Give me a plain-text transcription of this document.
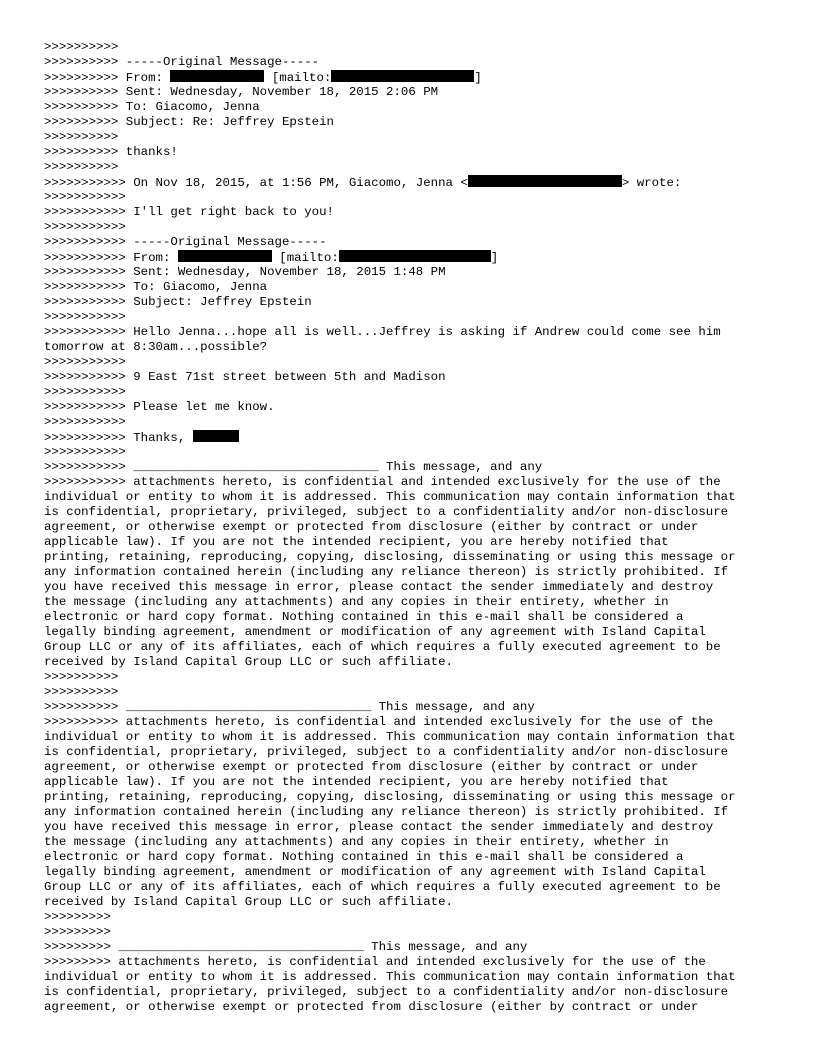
>>>>>>>>>>
>>>>>>>>>> -----Original Message-----
>>>>>>>>>> From:	[mailto:	]
>>>>>>>>>> Sent: Wednesday, November 18, 2015 2:06 PM
>>>>>>>>>> To: Giacomo, Jenna
>>>>>>>>>> Subject: Re: Jeffrey Epstein
>>>>>>>>>>
>>>>>>>>>> thanks!
>>>>>>>>>>
>>>>>>>>>>> On Nov 18, 2015, at 1:56 PM, Giacomo, Jenna <	> wrote:
>>>>>>>>>>>
>>>>>>>>>>> I'll get right back to you!
>>>>>>>>>>>
>>>>>>>>>>> -----Original Message-----
>>>>>>>>>>> From:	[mailto:	]
>>>>>>>>>>> Sent: Wednesday, November 18, 2015 1:48 PM
>>>>>>>>>>> To: Giacomo, Jenna
>>>>>>>>>>> Subject: Jeffrey Epstein
>>>>>>>>>>>
>>>>>>>>>>> Hello Jenna...hope all is well...Jeffrey is asking if Andrew could come see him
tomorrow at 8:30am...possible?
>>>>>>>>>>>
>>>>>>>>>>> 9 East 71st street between 5th and Madison
>>>>>>>>>>>
>>>>>>>>>>> Please let me know.
>>>>>>>>>>>
>>>>>>>>>>> Thanks,
>>>>>>>>>>>
>>>>>>>>>>> _________________________________ This message, and any
>>>>>>>>>>> attachments hereto, is confidential and intended exclusively for the use of the
individual or entity to whom it is addressed. This communication may contain information that
is confidential, proprietary, privileged, subject to a confidentiality and/or non-disclosure
agreement, or otherwise exempt or protected from disclosure (either by contract or under
applicable law). If you are not the intended recipient, you are hereby notified that
printing, retaining, reproducing, copying, disclosing, disseminating or using this message or
any information contained herein (including any reliance thereon) is strictly prohibited. If
you have received this message in error, please contact the sender immediately and destroy
the message (including any attachments) and any copies in their entirety, whether in
electronic or hard copy format. Nothing contained in this e-mail shall be considered a
legally binding agreement, amendment or modification of any agreement with Island Capital
Group LLC or any of its affiliates, each of which requires a fully executed agreement to be
received by Island Capital Group LLC or such affiliate.
>>>>>>>>>>
>>>>>>>>>>
>>>>>>>>>> _________________________________ This message, and any
>>>>>>>>>> attachments hereto, is confidential and intended exclusively for the use of the
individual or entity to whom it is addressed. This communication may contain information that
is confidential, proprietary, privileged, subject to a confidentiality and/or non-disclosure
agreement, or otherwise exempt or protected from disclosure (either by contract or under
applicable law). If you are not the intended recipient, you are hereby notified that
printing, retaining, reproducing, copying, disclosing, disseminating or using this message or
any information contained herein (including any reliance thereon) is strictly prohibited. If
you have received this message in error, please contact the sender immediately and destroy
the message (including any attachments) and any copies in their entirety, whether in
electronic or hard copy format. Nothing contained in this e-mail shall be considered a
legally binding agreement, amendment or modification of any agreement with Island Capital
Group LLC or any of its affiliates, each of which requires a fully executed agreement to be
received by Island Capital Group LLC or such affiliate.
>>>>>>>>>
>>>>>>>>>
>>>>>>>>> _________________________________ This message, and any
>>>>>>>>> attachments hereto, is confidential and intended exclusively for the use of the
individual or entity to whom it is addressed. This communication may contain information that
is confidential, proprietary, privileged, subject to a confidentiality and/or non-disclosure
agreement, or otherwise exempt or protected from disclosure (either by contract or under
